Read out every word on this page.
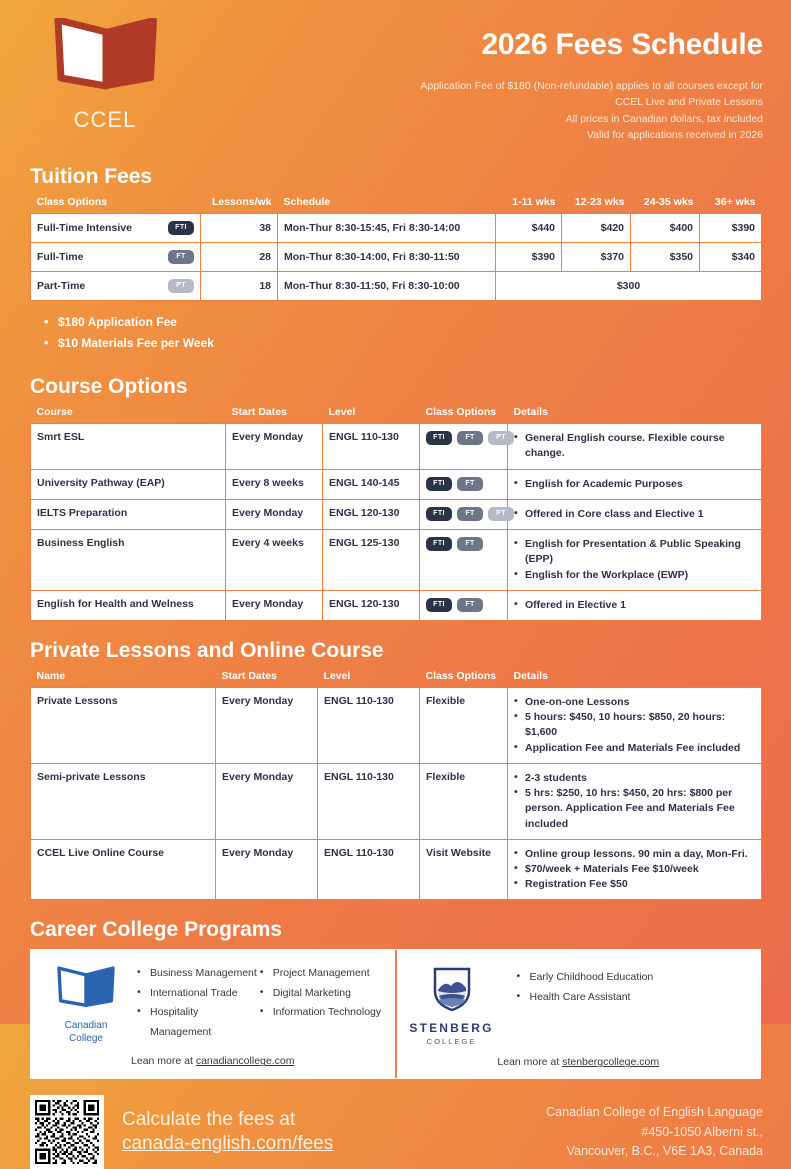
CCEL
2026 Fees Schedule
Application Fee of $180 (Non-refundable) applies to all courses except for
CCEL Live and Private Lessons
All prices in Canadian dollars, tax included
Valid for applications received in 2026
Tuition Fees
Class Options	Lessons/wk	Schedule	1-11 wks	12-23 wks	24-35 wks	36+ wks

Full-Time Intensive FTI	38	Mon-Thur 8:30-15:45, Fri 8:30-14:00	$440	$420	$400	$390

Full-Time FT	28	Mon-Thur 8:30-14:00, Fri 8:30-11:50	$390	$370	$350	$340

Part-Time PT	18	Mon-Thur 8:30-11:50, Fri 8:30-10:00	$300			
• $180 Application Fee
• $10 Materials Fee per Week
Course Options
Course	Start Dates	Level	Class Options	Details
Smrt ESL	Every Monday	ENGL 110-130	FTI	FT	PT	
•General English course. Flexible course change.

University Pathway (EAP)	Every 8 weeks	ENGL 140-145	FTI	FT	
•English for Academic Purposes

IELTS Preparation	Every Monday	ENGL 120-130	FTI	FT	PT	
•Offered in Core class and Elective 1

Business English	Every 4 weeks	ENGL 125-130	FTI	FT	
•English for Presentation & Public Speaking (EPP)
• English for the Workplace (EWP)

English for Health and Welness	Every Monday	ENGL 120-130	FTI	FT	
•Offered in Elective 1
Private Lessons and Online Course
Name	Start Dates	Level	Class Options	Details
Private Lessons	Every Monday	ENGL 110-130	Flexible	
•One-on-one Lessons
• 5 hours: $450, 10 hours: $850, 20 hours: $1,600
• Application Fee and Materials Fee included

Semi-private Lessons	Every Monday	ENGL 110-130	Flexible	
•2-3 students
• 5 hrs: $250, 10 hrs: $450, 20 hrs: $800 per person. Application Fee and Materials Fee included

CCEL Live Online Course	Every Monday	ENGL 110-130	Visit Website	
•Online group lessons. 90 min a day, Mon-Fri.
• $70/week + Materials Fee $10/week
• Registration Fee $50
Career College Programs
Canadian
College
• Business Management
• International Trade
• Hospitality Management
• Project Management
• Digital Marketing
• Information Technology
Lean more at canadiancollege.com
STENBERG
COLLEGE
• Early Childhood Education
• Health Care Assistant
Lean more at stenbergcollege.com
Calculate the fees at
canada-english.com/fees
Canadian College of English Language
#450-1050 Alberni st.,
Vancouver, B.C., V6E 1A3, Canada
